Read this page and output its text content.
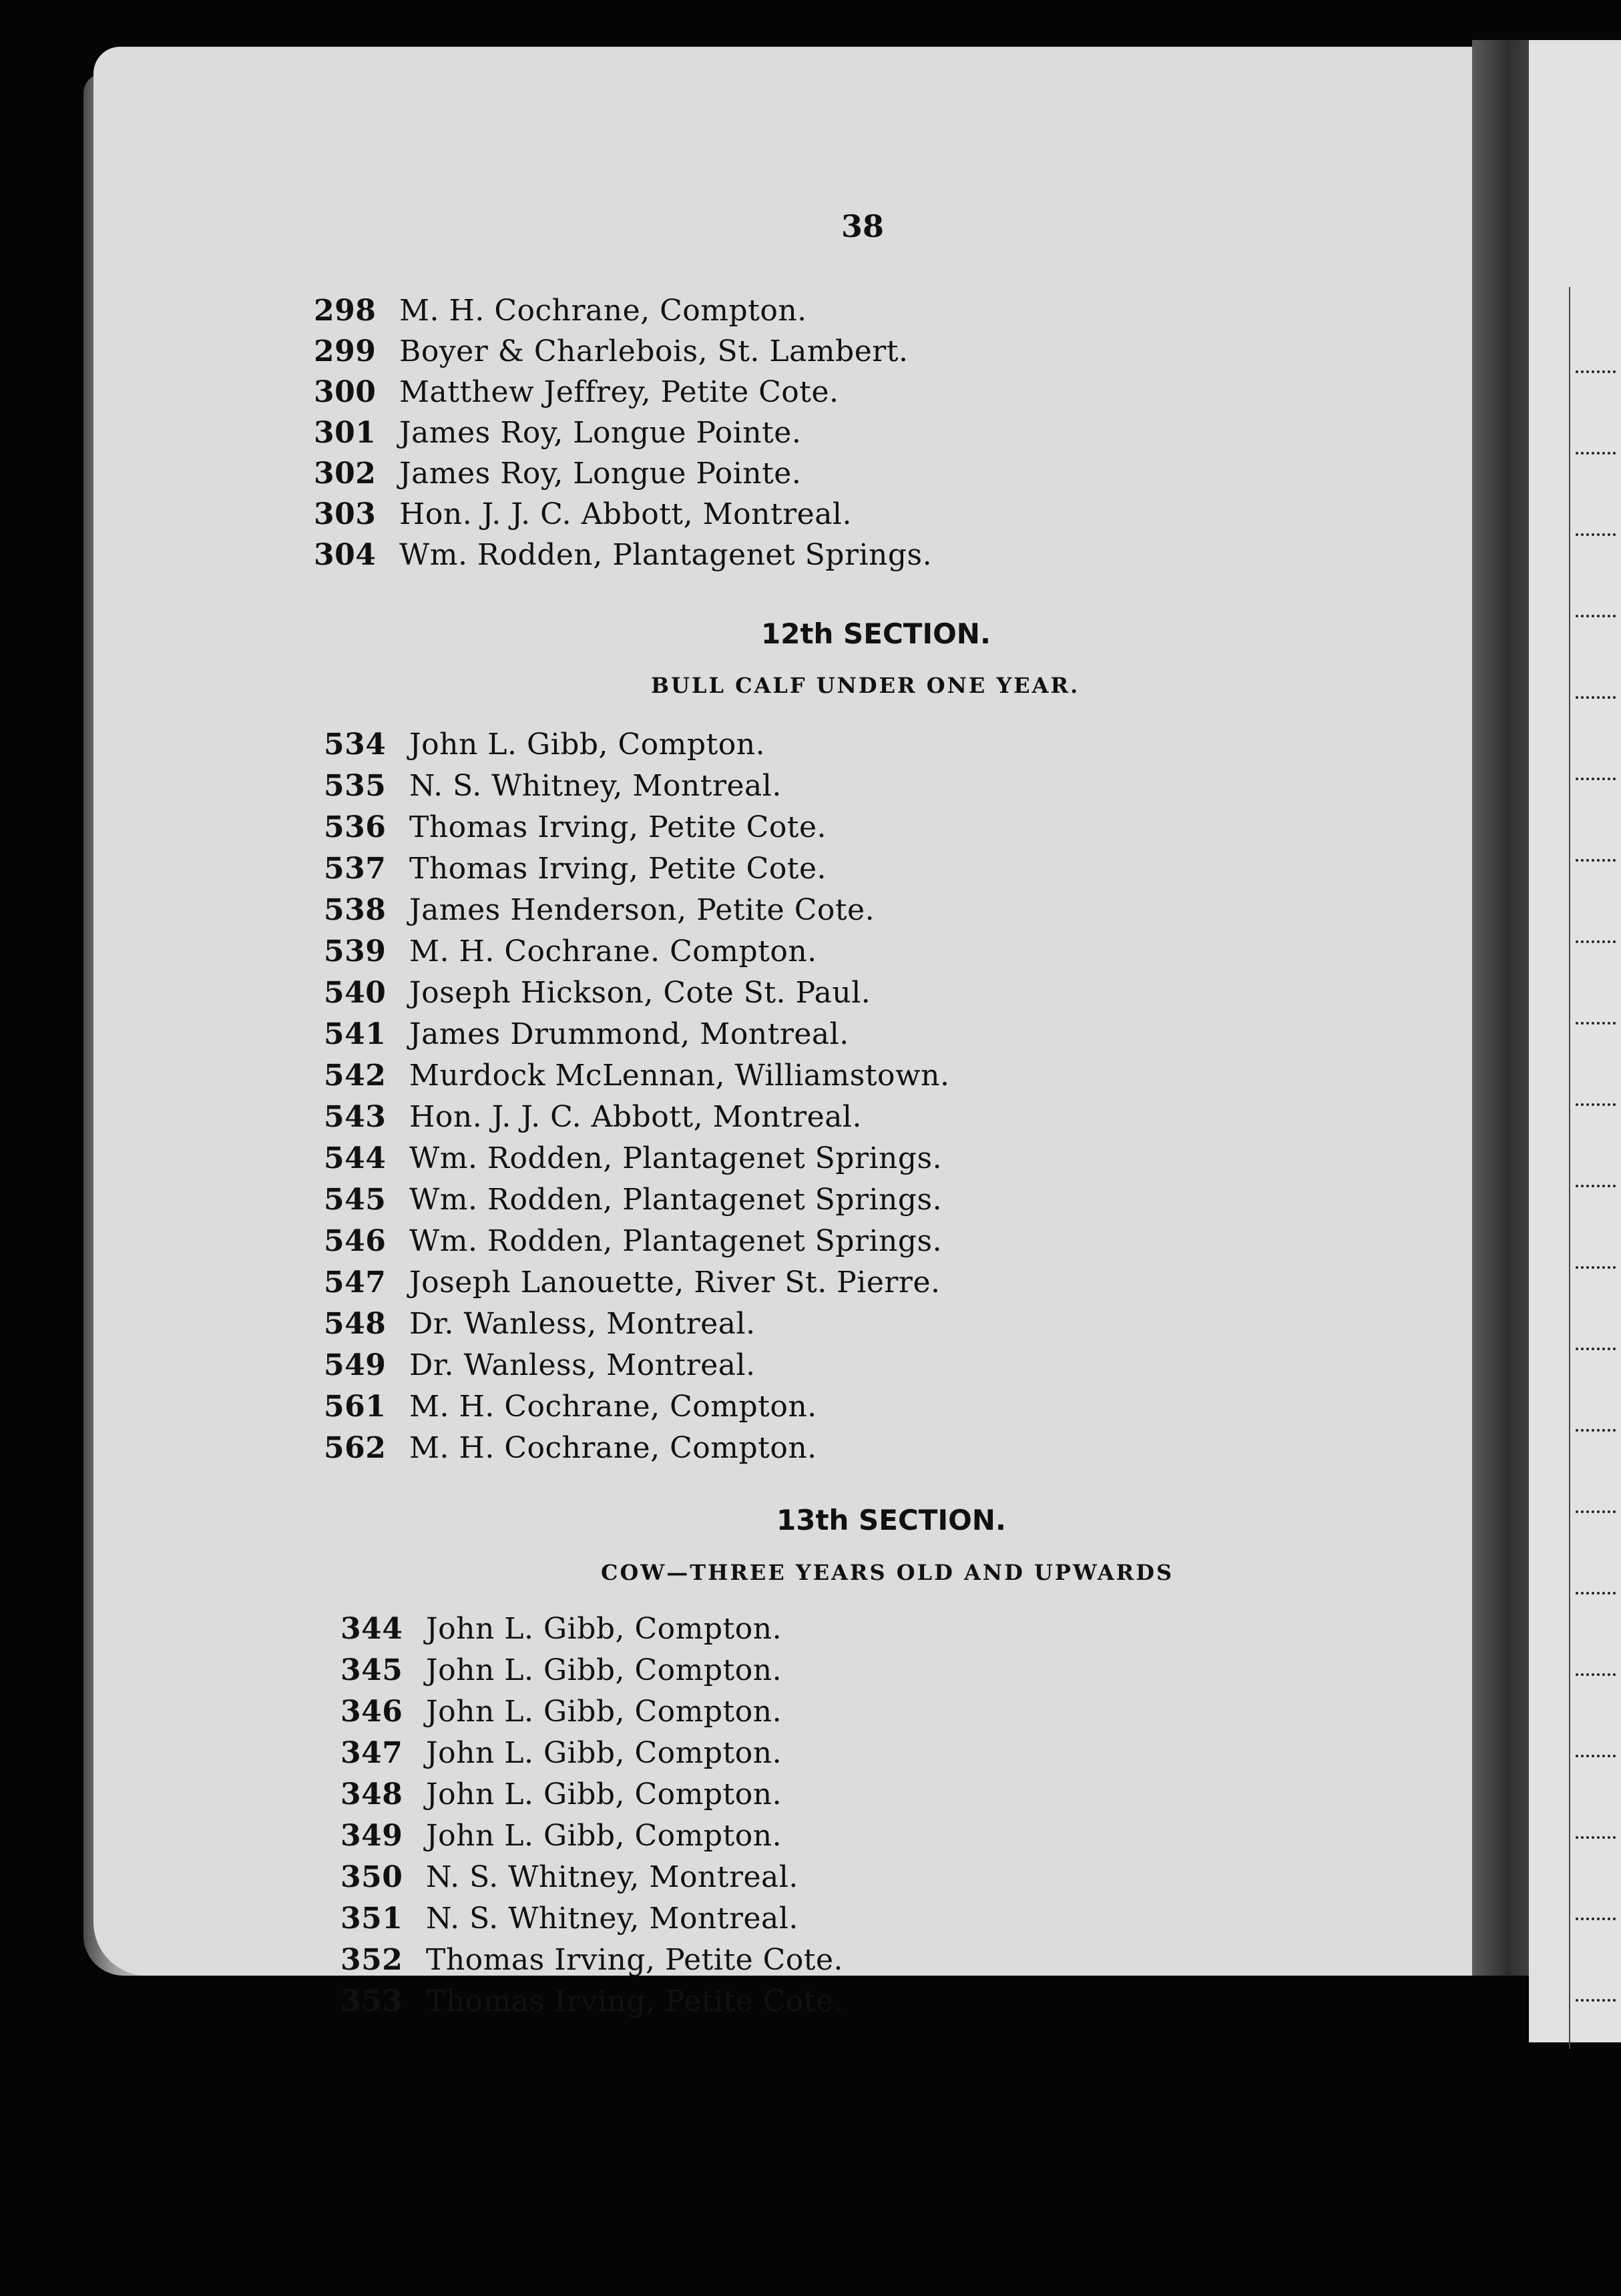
38
298 M. H. Cochrane, Compton.
299 Boyer & Charlebois, St. Lambert.
300 Matthew Jeffrey, Petite Cote.
301 James Roy, Longue Pointe.
302 James Roy, Longue Pointe.
303 Hon. J. J. C. Abbott, Montreal.
304 Wm. Rodden, Plantagenet Springs.
12th SECTION.
BULL CALF UNDER ONE YEAR.
534 John L. Gibb, Compton.
535 N. S. Whitney, Montreal.
536 Thomas Irving, Petite Cote.
537 Thomas Irving, Petite Cote.
538 James Henderson, Petite Cote.
539 M. H. Cochrane. Compton.
540 Joseph Hickson, Cote St. Paul.
541 James Drummond, Montreal.
542 Murdock McLennan, Williamstown.
543 Hon. J. J. C. Abbott, Montreal.
544 Wm. Rodden, Plantagenet Springs.
545 Wm. Rodden, Plantagenet Springs.
546 Wm. Rodden, Plantagenet Springs.
547 Joseph Lanouette, River St. Pierre.
548 Dr. Wanless, Montreal.
549 Dr. Wanless, Montreal.
561 M. H. Cochrane, Compton.
562 M. H. Cochrane, Compton.
13th SECTION.
COW—THREE YEARS OLD AND UPWARDS
344 John L. Gibb, Compton.
345 John L. Gibb, Compton.
346 John L. Gibb, Compton.
347 John L. Gibb, Compton.
348 John L. Gibb, Compton.
349 John L. Gibb, Compton.
350 N. S. Whitney, Montreal.
351 N. S. Whitney, Montreal.
352 Thomas Irving, Petite Cote.
353 Thomas Irving, Petite Cote.
